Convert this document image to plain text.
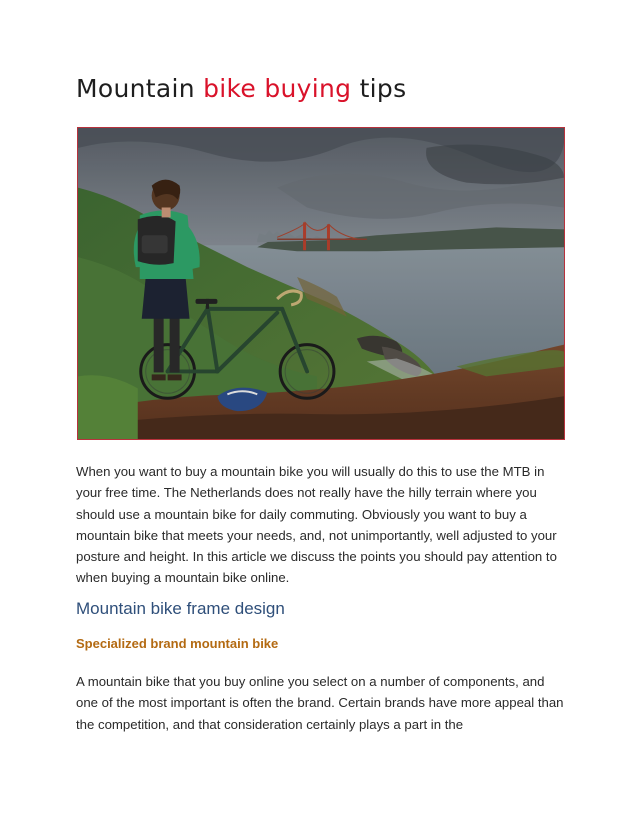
Mountain bike buying tips

When you want to buy a mountain bike you will usually do this to use the MTB in your free time. The Netherlands does not really have the hilly terrain where you should use a mountain bike for daily commuting. Obviously you want to buy a mountain bike that meets your needs, and, not unimportantly, well adjusted to your posture and height. In this article we discuss the points you should pay attention to when buying a mountain bike online.

Mountain bike frame design
Specialized brand mountain bike

A mountain bike that you buy online you select on a number of components, and one of the most important is often the brand. Certain brands have more appeal than the competition, and that consideration certainly plays a part in the
